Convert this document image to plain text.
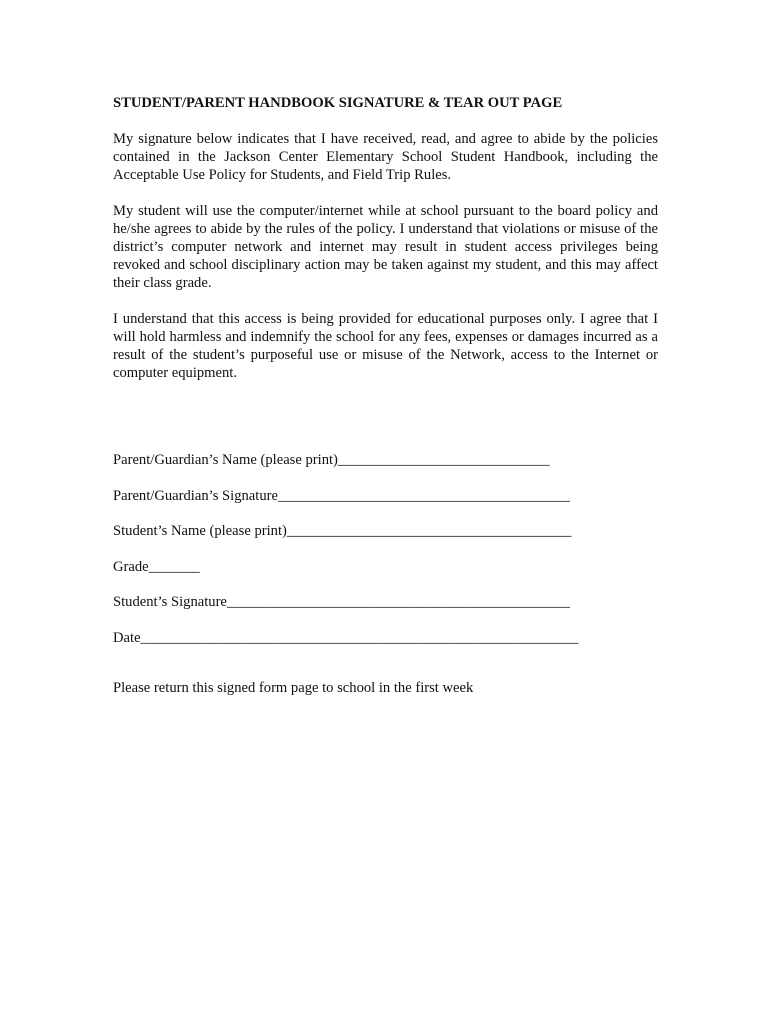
STUDENT/PARENT HANDBOOK SIGNATURE & TEAR OUT PAGE

My signature below indicates that I have received, read, and agree to abide by the policies contained in the Jackson Center Elementary School Student Handbook, including the Acceptable Use Policy for Students, and Field Trip Rules.

My student will use the computer/internet while at school pursuant to the board policy and he/she agrees to abide by the rules of the policy. I understand that violations or misuse of the district’s computer network and internet may result in student access privileges being revoked and school disciplinary action may be taken against my student, and this may affect their class grade.

I understand that this access is being provided for educational purposes only. I agree that I will hold harmless and indemnify the school for any fees, expenses or damages incurred as a result of the student’s purposeful use or misuse of the Network, access to the Internet or computer equipment.

Parent/Guardian’s Name (please print)_____________________________
Parent/Guardian’s Signature________________________________________
Student’s Name (please print)_______________________________________
Grade_______
Student’s Signature_______________________________________________
Date____________________________________________________________

Please return this signed form page to school in the first week
